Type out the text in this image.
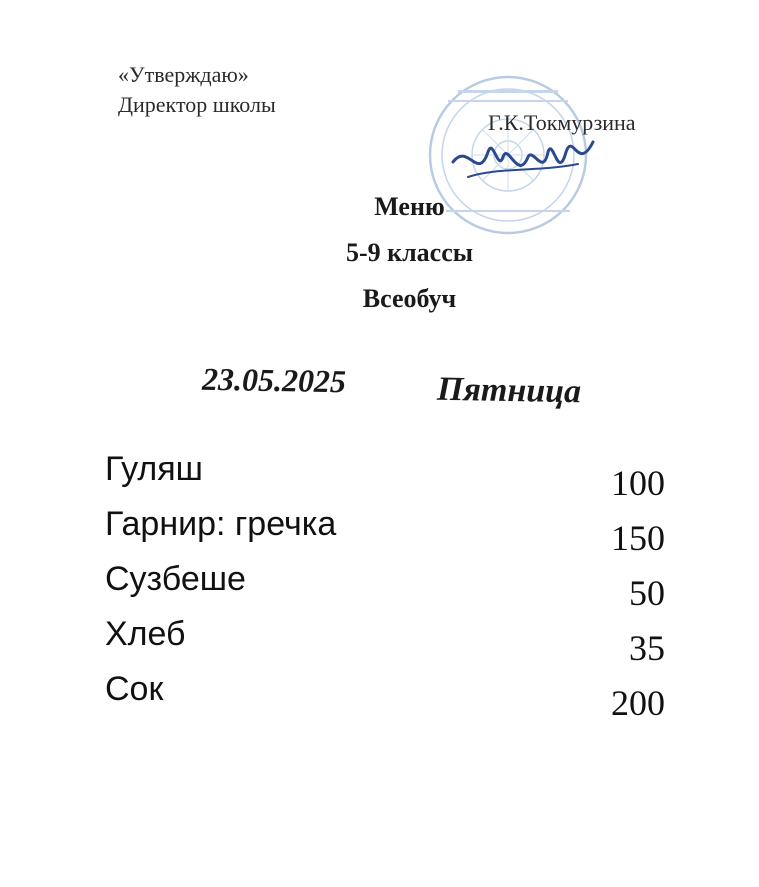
«Утверждаю»
Директор школы
Г.К.Токмурзина
Меню
5-9 классы
Всеобуч
23.05.2025	Пятница
Гуляш	100
Гарнир: гречка	150
Сузбеше	50
Хлеб	35
Сок	200
